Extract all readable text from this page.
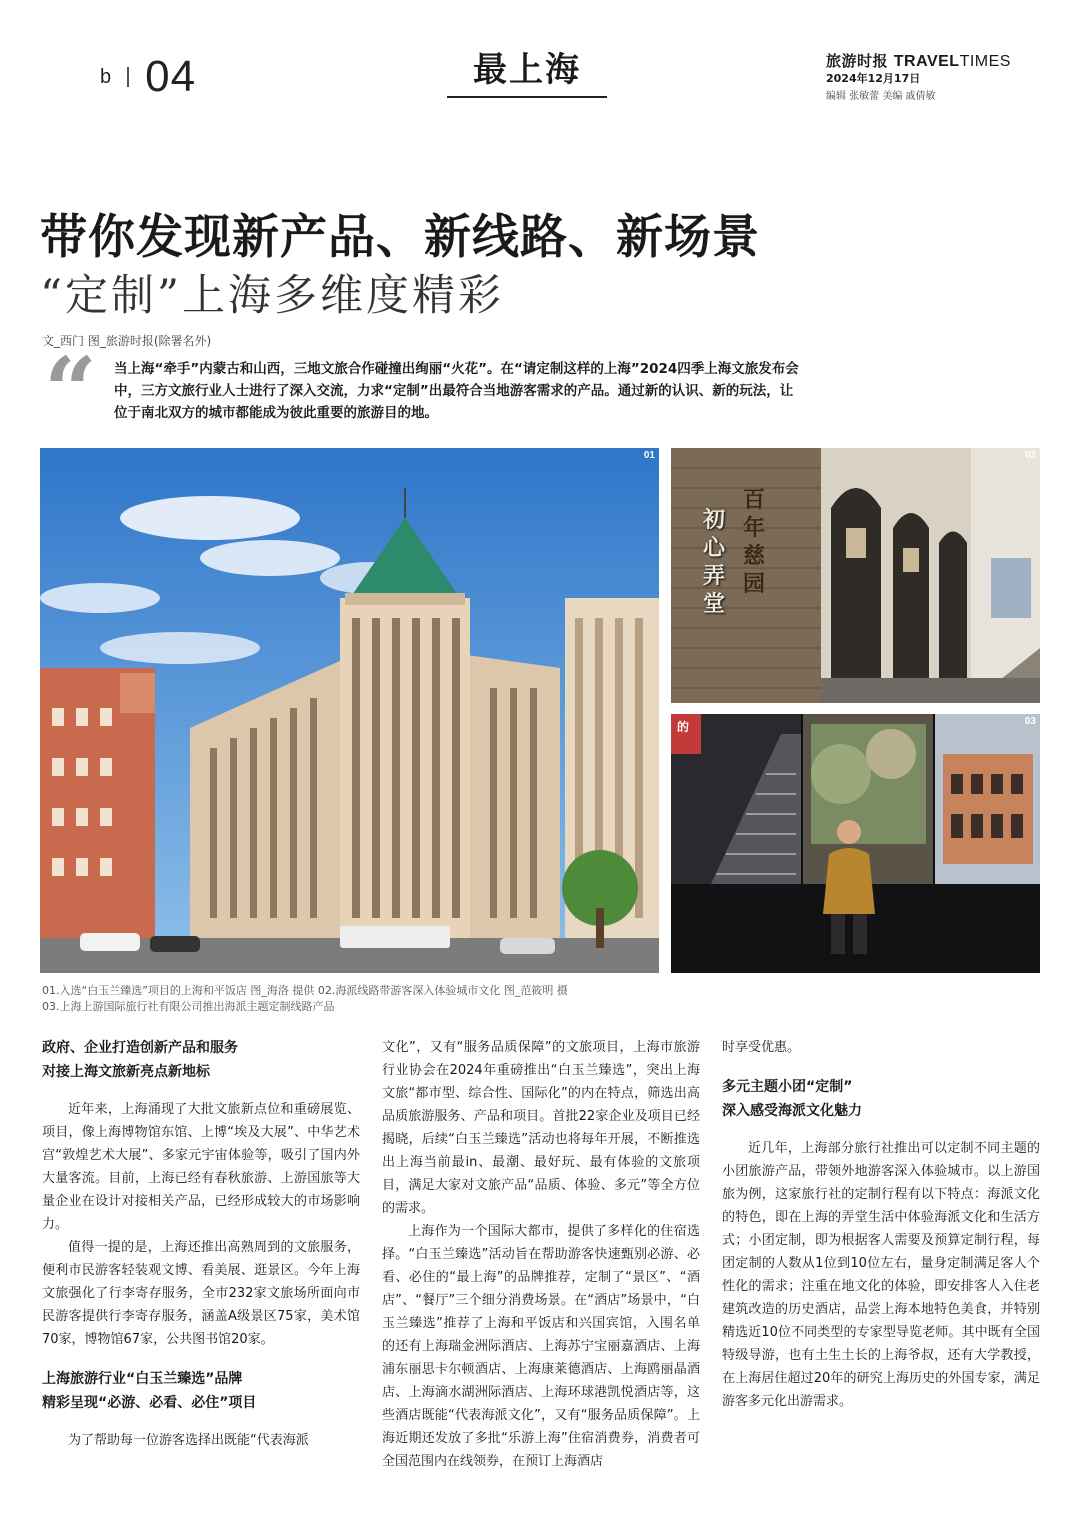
b 04	最上海	旅游时报 TRAVELTIMES
2024年12月17日
编辑 张敏蕾 美编 戚倩敏
带你发现新产品、新线路、新场景
“定制”上海多维度精彩
文_西门 图_旅游时报(除署名外)
“ 当上海“牵手”内蒙古和山西，三地文旅合作碰撞出绚丽“火花”。在“请定制这样的上海”2024四季上海文旅发布会中，三方文旅行业人士进行了深入交流，力求“定制”出最符合当地游客需求的产品。通过新的认识、新的玩法，让位于南北双方的城市都能成为彼此重要的旅游目的地。
01
百年慈园
初心弄堂
02
的	03
01.入选“白玉兰臻选”项目的上海和平饭店 图_海洛 提供 02.海派线路带游客深入体验城市文化 图_范筱明 摄
03.上海上游国际旅行社有限公司推出海派主题定制线路产品
政府、企业打造创新产品和服务
对接上海文旅新亮点新地标

近年来，上海涌现了大批文旅新点位和重磅展览、项目，像上海博物馆东馆、上博“埃及大展”、中华艺术宫“敦煌艺术大展”、多家元宇宙体验等，吸引了国内外大量客流。目前，上海已经有春秋旅游、上游国旅等大量企业在设计对接相关产品，已经形成较大的市场影响力。

值得一提的是，上海还推出高熟周到的文旅服务，便利市民游客轻装观文博、看美展、逛景区。今年上海文旅强化了行李寄存服务，全市232家文旅场所面向市民游客提供行李寄存服务，涵盖A级景区75家，美术馆70家，博物馆67家，公共图书馆20家。

上海旅游行业“白玉兰臻选”品牌
精彩呈现“必游、必看、必住”项目

为了帮助每一位游客选择出既能“代表海派

文化”，又有“服务品质保障”的文旅项目，上海市旅游行业协会在2024年重磅推出“白玉兰臻选”，突出上海文旅“都市型、综合性、国际化”的内在特点，筛选出高品质旅游服务、产品和项目。首批22家企业及项目已经揭晓，后续“白玉兰臻选”活动也将每年开展，不断推选出上海当前最in、最潮、最好玩、最有体验的文旅项目，满足大家对文旅产品“品质、体验、多元”等全方位的需求。

上海作为一个国际大都市，提供了多样化的住宿选择。“白玉兰臻选”活动旨在帮助游客快速甄别必游、必看、必住的“最上海”的品牌推荐，定制了“景区”、“酒店”、“餐厅”三个细分消费场景。在“酒店”场景中，“白玉兰臻选”推荐了上海和平饭店和兴国宾馆，入围名单的还有上海瑞金洲际酒店、上海苏宁宝丽嘉酒店、上海浦东丽思卡尔顿酒店、上海康莱德酒店、上海鸥丽晶酒店、上海滴水湖洲际酒店、上海环球港凯悦酒店等，这些酒店既能“代表海派文化”，又有“服务品质保障”。上海近期还发放了多批“乐游上海”住宿消费券，消费者可全国范围内在线领券，在预订上海酒店

时享受优惠。

多元主题小团“定制”
深入感受海派文化魅力

近几年，上海部分旅行社推出可以定制不同主题的小团旅游产品，带领外地游客深入体验城市。以上游国旅为例，这家旅行社的定制行程有以下特点：海派文化的特色，即在上海的弄堂生活中体验海派文化和生活方式；小团定制，即为根据客人需要及预算定制行程，每团定制的人数从1位到10位左右，量身定制满足客人个性化的需求；注重在地文化的体验，即安排客人入住老建筑改造的历史酒店，品尝上海本地特色美食，并特别精选近10位不同类型的专家型导览老师。其中既有全国特级导游，也有土生土长的上海爷叔，还有大学教授，在上海居住超过20年的研究上海历史的外国专家，满足游客多元化出游需求。
